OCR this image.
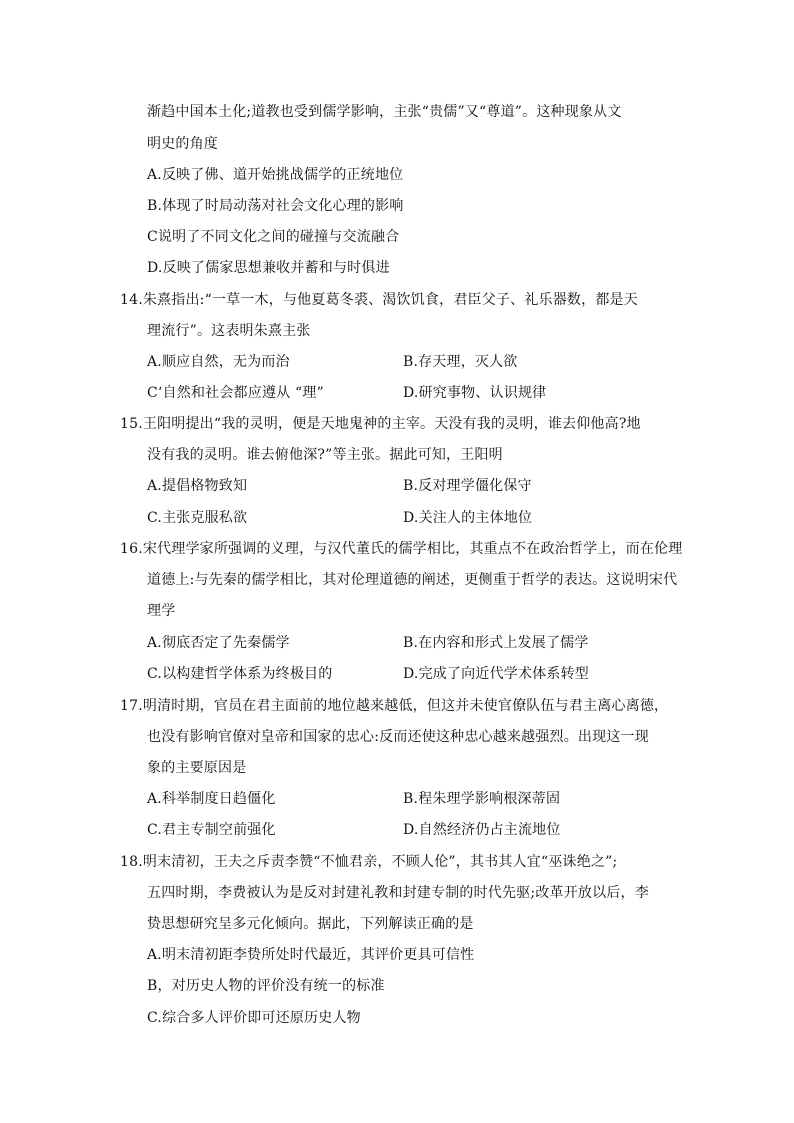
渐趋中国本土化;道教也受到儒学影响，主张“贵儒”又“尊道”。这种现象从文
明史的角度
A.反映了佛、道开始挑战儒学的正统地位
B.体现了时局动荡对社会文化心理的影响
C说明了不同文化之间的碰撞与交流融合
D.反映了儒家思想兼收并蓄和与时俱进
14.朱熹指出:“一草一木，与他夏葛冬裘、渴饮饥食，君臣父子、礼乐器数，都是天
理流行”。这表明朱熹主张
A.顺应自然，无为而治	B.存天理，灭人欲
C‘自然和社会都应遵从 “理”	D.研究事物、认识规律
15.王阳明提出“我的灵明，便是天地鬼神的主宰。天没有我的灵明，谁去仰他高?地
没有我的灵明。谁去俯他深?”等主张。据此可知，王阳明
A.提倡格物致知	B.反对理学僵化保守
C.主张克服私欲	D.关注人的主体地位
16.宋代理学家所强调的义理，与汉代董氏的儒学相比，其重点不在政治哲学上，而在伦理
道德上:与先秦的儒学相比，其对伦理道德的阐述，更侧重于哲学的表达。这说明宋代
理学
A.彻底否定了先秦儒学	B.在内容和形式上发展了儒学
C.以构建哲学体系为终极目的	D.完成了向近代学术体系转型
17.明清时期，官员在君主面前的地位越来越低，但这并未使官僚队伍与君主离心离德，
也没有影响官僚对皇帝和国家的忠心:反而还使这种忠心越来越强烈。出现这一现
象的主要原因是
A.科举制度日趋僵化	B.程朱理学影响根深蒂固
C.君主专制空前强化	D.自然经济仍占主流地位
18.明末清初，王夫之斥责李赞“不恤君亲，不顾人伦”，其书其人宜“巫诛绝之”;
五四时期，李费被认为是反对封建礼教和封建专制的时代先驱;改革开放以后，李
贽思想研究呈多元化倾向。据此，下列解读正确的是
A.明末清初距李贽所处时代最近，其评价更具可信性
B，对历史人物的评价没有统一的标准
C.综合多人评价即可还原历史人物
